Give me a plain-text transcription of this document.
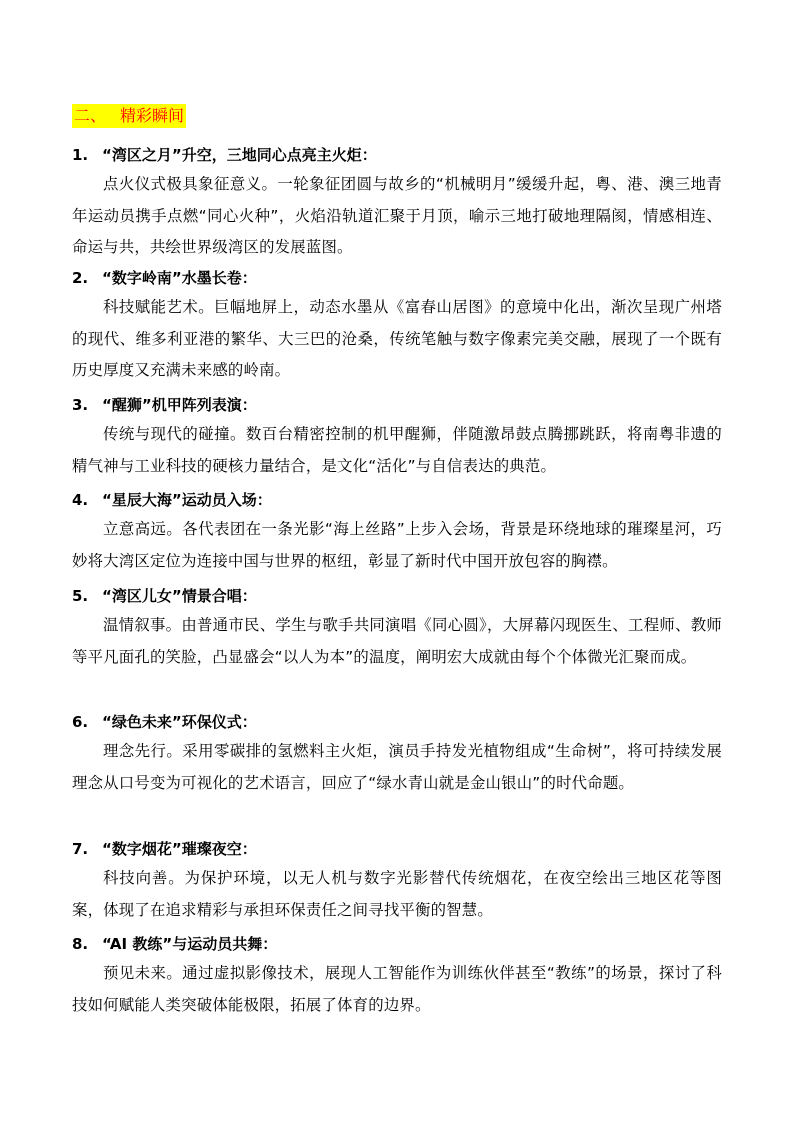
二、 精彩瞬间
1. “湾区之月”升空，三地同心点亮主火炬：

点火仪式极具象征意义。一轮象征团圆与故乡的“机械明月”缓缓升起，粤、港、澳三地青年运动员携手点燃“同心火种”，火焰沿轨道汇聚于月顶，喻示三地打破地理隔阂，情感相连、命运与共，共绘世界级湾区的发展蓝图。

2. “数字岭南”水墨长卷：

科技赋能艺术。巨幅地屏上，动态水墨从《富春山居图》的意境中化出，渐次呈现广州塔的现代、维多利亚港的繁华、大三巴的沧桑，传统笔触与数字像素完美交融，展现了一个既有历史厚度又充满未来感的岭南。

3. “醒狮”机甲阵列表演：

传统与现代的碰撞。数百台精密控制的机甲醒狮，伴随激昂鼓点腾挪跳跃，将南粤非遗的精气神与工业科技的硬核力量结合，是文化“活化”与自信表达的典范。

4. “星辰大海”运动员入场：

立意高远。各代表团在一条光影“海上丝路”上步入会场，背景是环绕地球的璀璨星河，巧妙将大湾区定位为连接中国与世界的枢纽，彰显了新时代中国开放包容的胸襟。

5. “湾区儿女”情景合唱：

温情叙事。由普通市民、学生与歌手共同演唱《同心圆》，大屏幕闪现医生、工程师、教师等平凡面孔的笑脸，凸显盛会“以人为本”的温度，阐明宏大成就由每个个体微光汇聚而成。

6. “绿色未来”环保仪式：

理念先行。采用零碳排的氢燃料主火炬，演员手持发光植物组成“生命树”，将可持续发展理念从口号变为可视化的艺术语言，回应了“绿水青山就是金山银山”的时代命题。

7. “数字烟花”璀璨夜空：

科技向善。为保护环境，以无人机与数字光影替代传统烟花，在夜空绘出三地区花等图案，体现了在追求精彩与承担环保责任之间寻找平衡的智慧。

8. “AI 教练”与运动员共舞：

预见未来。通过虚拟影像技术，展现人工智能作为训练伙伴甚至“教练”的场景，探讨了科技如何赋能人类突破体能极限，拓展了体育的边界。
